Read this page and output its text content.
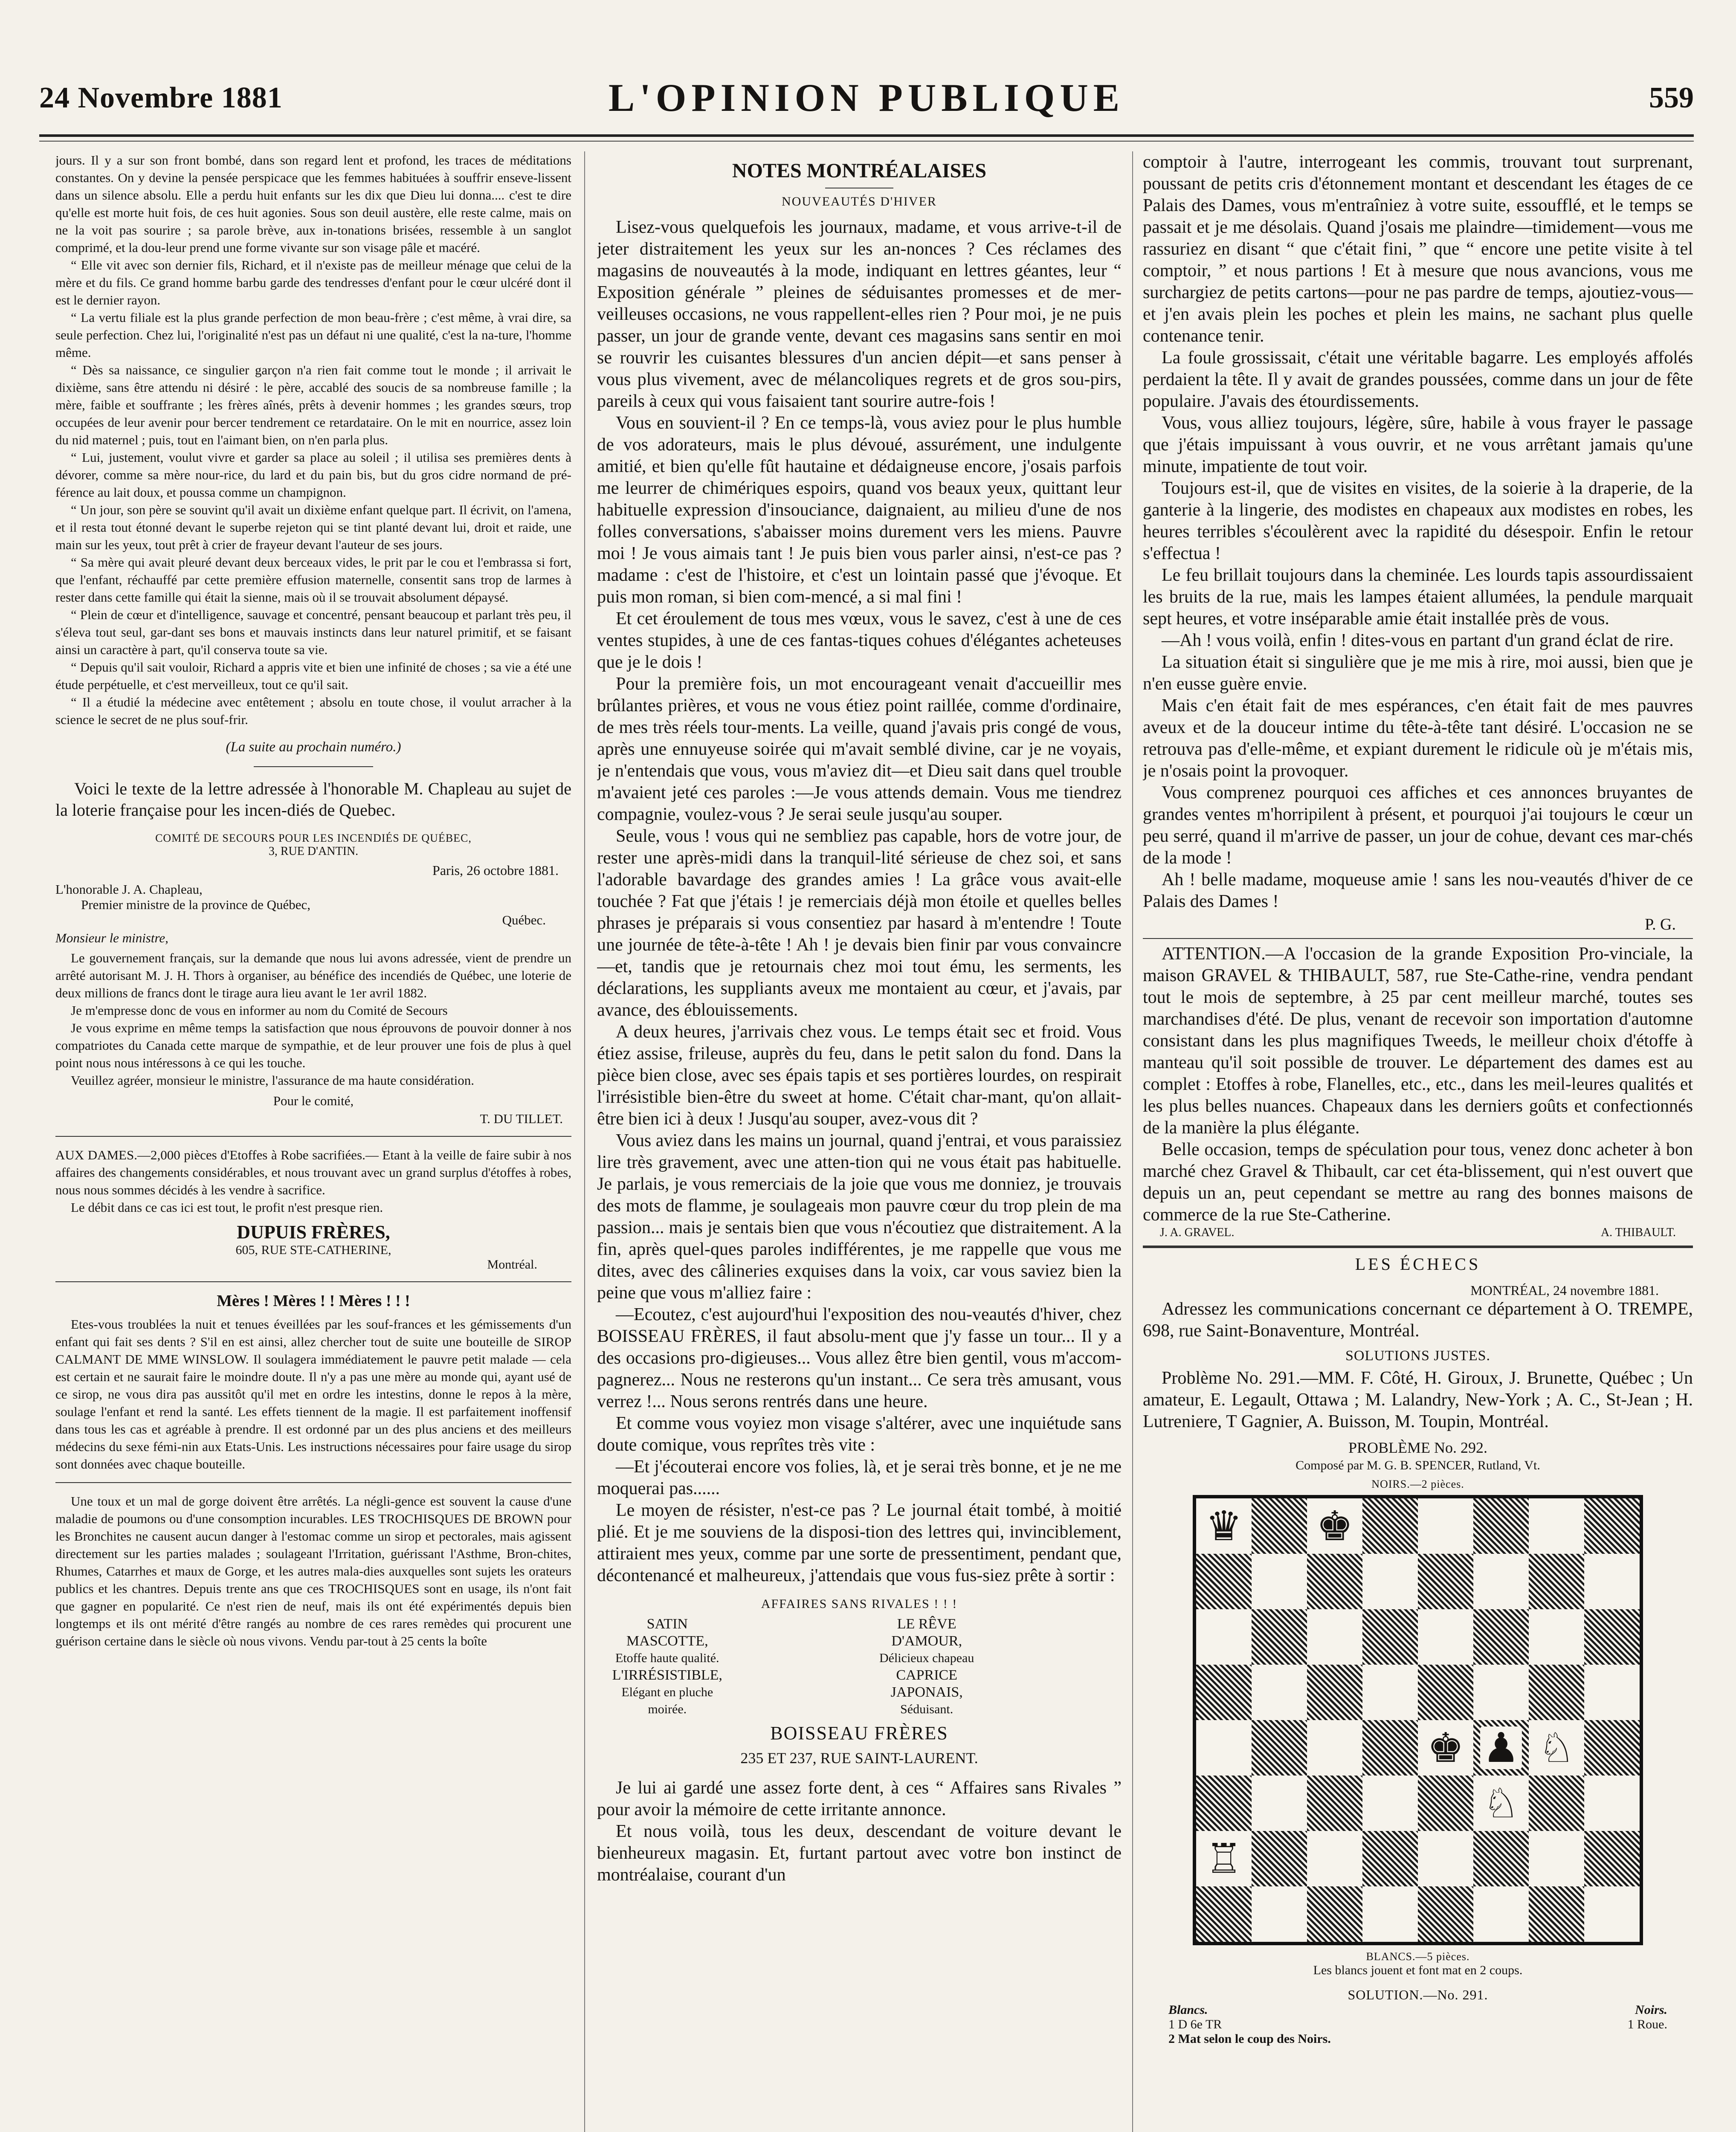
24 Novembre 1881	L'OPINION PUBLIQUE	559

jours. Il y a sur son front bombé, dans son regard lent et profond, les traces de méditations constantes. On y devine la pensée perspicace que les femmes habituées à souffrir enseve-lissent dans un silence absolu. Elle a perdu huit enfants sur les dix que Dieu lui donna.... c'est te dire qu'elle est morte huit fois, de ces huit agonies. Sous son deuil austère, elle reste calme, mais on ne la voit pas sourire ; sa parole brève, aux in-tonations brisées, ressemble à un sanglot comprimé, et la dou-leur prend une forme vivante sur son visage pâle et macéré.

“ Elle vit avec son dernier fils, Richard, et il n'existe pas de meilleur ménage que celui de la mère et du fils. Ce grand homme barbu garde des tendresses d'enfant pour le cœur ulcéré dont il est le dernier rayon.

“ La vertu filiale est la plus grande perfection de mon beau-frère ; c'est même, à vrai dire, sa seule perfection. Chez lui, l'originalité n'est pas un défaut ni une qualité, c'est la na-ture, l'homme même.

“ Dès sa naissance, ce singulier garçon n'a rien fait comme tout le monde ; il arrivait le dixième, sans être attendu ni désiré : le père, accablé des soucis de sa nombreuse famille ; la mère, faible et souffrante ; les frères aînés, prêts à devenir hommes ; les grandes sœurs, trop occupées de leur avenir pour bercer tendrement ce retardataire. On le mit en nourrice, assez loin du nid maternel ; puis, tout en l'aimant bien, on n'en parla plus.

“ Lui, justement, voulut vivre et garder sa place au soleil ; il utilisa ses premières dents à dévorer, comme sa mère nour-rice, du lard et du pain bis, but du gros cidre normand de pré-férence au lait doux, et poussa comme un champignon.

“ Un jour, son père se souvint qu'il avait un dixième enfant quelque part. Il écrivit, on l'amena, et il resta tout étonné devant le superbe rejeton qui se tint planté devant lui, droit et raide, une main sur les yeux, tout prêt à crier de frayeur devant l'auteur de ses jours.

“ Sa mère qui avait pleuré devant deux berceaux vides, le prit par le cou et l'embrassa si fort, que l'enfant, réchauffé par cette première effusion maternelle, consentit sans trop de larmes à rester dans cette famille qui était la sienne, mais où il se trouvait absolument dépaysé.

“ Plein de cœur et d'intelligence, sauvage et concentré, pensant beaucoup et parlant très peu, il s'éleva tout seul, gar-dant ses bons et mauvais instincts dans leur naturel primitif, et se faisant ainsi un caractère à part, qu'il conserva toute sa vie.

“ Depuis qu'il sait vouloir, Richard a appris vite et bien une infinité de choses ; sa vie a été une étude perpétuelle, et c'est merveilleux, tout ce qu'il sait.

“ Il a étudié la médecine avec entêtement ; absolu en toute chose, il voulut arracher à la science le secret de ne plus souf-frir.

(La suite au prochain numéro.)
Voici le texte de la lettre adressée à l'honorable M. Chapleau au sujet de la loterie française pour les incen-diés de Quebec.
COMITÉ DE SECOURS POUR LES INCENDIÉS DE QUÉBEC,
3, RUE D'ANTIN.
Paris, 26 octobre 1881.
L'honorable J. A. Chapleau,
Premier ministre de la province de Québec,
Québec.
Monsieur le ministre,

Le gouvernement français, sur la demande que nous lui avons adressée, vient de prendre un arrêté autorisant M. J. H. Thors à organiser, au bénéfice des incendiés de Québec, une loterie de deux millions de francs dont le tirage aura lieu avant le 1er avril 1882.

Je m'empresse donc de vous en informer au nom du Comité de Secours

Je vous exprime en même temps la satisfaction que nous éprouvons de pouvoir donner à nos compatriotes du Canada cette marque de sympathie, et de leur prouver une fois de plus à quel point nous nous intéressons à ce qui les touche.

Veuillez agréer, monsieur le ministre, l'assurance de ma haute considération.

Pour le comité,
T. DU TILLET.

AUX DAMES.—2,000 pièces d'Etoffes à Robe sacrifiées.— Etant à la veille de faire subir à nos affaires des changements considérables, et nous trouvant avec un grand surplus d'étoffes à robes, nous nous sommes décidés à les vendre à sacrifice.

Le débit dans ce cas ici est tout, le profit n'est presque rien.

DUPUIS FRÈRES,
605, RUE STE-CATHERINE,
Montréal.
Mères ! Mères ! ! Mères ! ! !

Etes-vous troublées la nuit et tenues éveillées par les souf-frances et les gémissements d'un enfant qui fait ses dents ? S'il en est ainsi, allez chercher tout de suite une bouteille de SIROP CALMANT DE MME WINSLOW. Il soulagera immédiatement le pauvre petit malade — cela est certain et ne saurait faire le moindre doute. Il n'y a pas une mère au monde qui, ayant usé de ce sirop, ne vous dira pas aussitôt qu'il met en ordre les intestins, donne le repos à la mère, soulage l'enfant et rend la santé. Les effets tiennent de la magie. Il est parfaitement inoffensif dans tous les cas et agréable à prendre. Il est ordonné par un des plus anciens et des meilleurs médecins du sexe fémi-nin aux Etats-Unis. Les instructions nécessaires pour faire usage du sirop sont données avec chaque bouteille.

Une toux et un mal de gorge doivent être arrêtés. La négli-gence est souvent la cause d'une maladie de poumons ou d'une consomption incurables. LES TROCHISQUES DE BROWN pour les Bronchites ne causent aucun danger à l'estomac comme un sirop et pectorales, mais agissent directement sur les parties malades ; soulageant l'Irritation, guérissant l'Asthme, Bron-chites, Rhumes, Catarrhes et maux de Gorge, et les autres mala-dies auxquelles sont sujets les orateurs publics et les chantres. Depuis trente ans que ces TROCHISQUES sont en usage, ils n'ont fait que gagner en popularité. Ce n'est rien de neuf, mais ils ont été expérimentés depuis bien longtemps et ils ont mérité d'être rangés au nombre de ces rares remèdes qui procurent une guérison certaine dans le siècle où nous vivons. Vendu par-tout à 25 cents la boîte

NOTES MONTRÉALAISES
NOUVEAUTÉS D'HIVER

Lisez-vous quelquefois les journaux, madame, et vous arrive-t-il de jeter distraitement les yeux sur les an-nonces ? Ces réclames des magasins de nouveautés à la mode, indiquant en lettres géantes, leur “ Exposition générale ” pleines de séduisantes promesses et de mer-veilleuses occasions, ne vous rappellent-elles rien ? Pour moi, je ne puis passer, un jour de grande vente, devant ces magasins sans sentir en moi se rouvrir les cuisantes blessures d'un ancien dépit—et sans penser à vous plus vivement, avec de mélancoliques regrets et de gros sou-pirs, pareils à ceux qui vous faisaient tant sourire autre-fois !

Vous en souvient-il ? En ce temps-là, vous aviez pour le plus humble de vos adorateurs, mais le plus dévoué, assurément, une indulgente amitié, et bien qu'elle fût hautaine et dédaigneuse encore, j'osais parfois me leurrer de chimériques espoirs, quand vos beaux yeux, quittant leur habituelle expression d'insouciance, daignaient, au milieu d'une de nos folles conversations, s'abaisser moins durement vers les miens. Pauvre moi ! Je vous aimais tant ! Je puis bien vous parler ainsi, n'est-ce pas ? madame : c'est de l'histoire, et c'est un lointain passé que j'évoque. Et puis mon roman, si bien com-mencé, a si mal fini !

Et cet éroulement de tous mes vœux, vous le savez, c'est à une de ces ventes stupides, à une de ces fantas-tiques cohues d'élégantes acheteuses que je le dois !

Pour la première fois, un mot encourageant venait d'accueillir mes brûlantes prières, et vous ne vous étiez point raillée, comme d'ordinaire, de mes très réels tour-ments. La veille, quand j'avais pris congé de vous, après une ennuyeuse soirée qui m'avait semblé divine, car je ne voyais, je n'entendais que vous, vous m'aviez dit—et Dieu sait dans quel trouble m'avaient jeté ces paroles :—Je vous attends demain. Vous me tiendrez compagnie, voulez-vous ? Je serai seule jusqu'au souper.

Seule, vous ! vous qui ne sembliez pas capable, hors de votre jour, de rester une après-midi dans la tranquil-lité sérieuse de chez soi, et sans l'adorable bavardage des grandes amies ! La grâce vous avait-elle touchée ? Fat que j'étais ! je remerciais déjà mon étoile et quelles belles phrases je préparais si vous consentiez par hasard à m'entendre ! Toute une journée de tête-à-tête ! Ah ! je devais bien finir par vous convaincre—et, tandis que je retournais chez moi tout ému, les serments, les déclarations, les suppliants aveux me montaient au cœur, et j'avais, par avance, des éblouissements.

A deux heures, j'arrivais chez vous. Le temps était sec et froid. Vous étiez assise, frileuse, auprès du feu, dans le petit salon du fond. Dans la pièce bien close, avec ses épais tapis et ses portières lourdes, on respirait l'irrésistible bien-être du sweet at home. C'était char-mant, qu'on allait-être bien ici à deux ! Jusqu'au souper, avez-vous dit ?

Vous aviez dans les mains un journal, quand j'entrai, et vous paraissiez lire très gravement, avec une atten-tion qui ne vous était pas habituelle. Je parlais, je vous remerciais de la joie que vous me donniez, je trouvais des mots de flamme, je soulageais mon pauvre cœur du trop plein de ma passion... mais je sentais bien que vous n'écoutiez que distraitement. A la fin, après quel-ques paroles indifférentes, je me rappelle que vous me dites, avec des câlineries exquises dans la voix, car vous saviez bien la peine que vous m'alliez faire :

—Ecoutez, c'est aujourd'hui l'exposition des nou-veautés d'hiver, chez BOISSEAU FRÈRES, il faut absolu-ment que j'y fasse un tour... Il y a des occasions pro-digieuses... Vous allez être bien gentil, vous m'accom-pagnerez... Nous ne resterons qu'un instant... Ce sera très amusant, vous verrez !... Nous serons rentrés dans une heure.

Et comme vous voyiez mon visage s'altérer, avec une inquiétude sans doute comique, vous reprîtes très vite :

—Et j'écouterai encore vos folies, là, et je serai très bonne, et je ne me moquerai pas......

Le moyen de résister, n'est-ce pas ? Le journal était tombé, à moitié plié. Et je me souviens de la disposi-tion des lettres qui, invinciblement, attiraient mes yeux, comme par une sorte de pressentiment, pendant que, décontenancé et malheureux, j'attendais que vous fus-siez prête à sortir :

AFFAIRES SANS RIVALES ! ! !
SATIN MASCOTTE,
Etoffe haute qualité.
L'IRRÉSISTIBLE,
Elégant en pluche moirée.
LE RÊVE D'AMOUR,
Délicieux chapeau
CAPRICE JAPONAIS,
Séduisant.
BOISSEAU FRÈRES
235 ET 237, RUE SAINT-LAURENT.

Je lui ai gardé une assez forte dent, à ces “ Affaires sans Rivales ” pour avoir la mémoire de cette irritante annonce.

Et nous voilà, tous les deux, descendant de voiture devant le bienheureux magasin. Et, furtant partout avec votre bon instinct de montréalaise, courant d'un

comptoir à l'autre, interrogeant les commis, trouvant tout surprenant, poussant de petits cris d'étonnement montant et descendant les étages de ce Palais des Dames, vous m'entraîniez à votre suite, essoufflé, et le temps se passait et je me désolais. Quand j'osais me plaindre—timidement—vous me rassuriez en disant “ que c'était fini, ” que “ encore une petite visite à tel comptoir, ” et nous partions ! Et à mesure que nous avancions, vous me surchargiez de petits cartons—pour ne pas pardre de temps, ajoutiez-vous—et j'en avais plein les poches et plein les mains, ne sachant plus quelle contenance tenir.

La foule grossissait, c'était une véritable bagarre. Les employés affolés perdaient la tête. Il y avait de grandes poussées, comme dans un jour de fête populaire. J'avais des étourdissements.

Vous, vous alliez toujours, légère, sûre, habile à vous frayer le passage que j'étais impuissant à vous ouvrir, et ne vous arrêtant jamais qu'une minute, impatiente de tout voir.

Toujours est-il, que de visites en visites, de la soierie à la draperie, de la ganterie à la lingerie, des modistes en chapeaux aux modistes en robes, les heures terribles s'écoulèrent avec la rapidité du désespoir. Enfin le retour s'effectua !

Le feu brillait toujours dans la cheminée. Les lourds tapis assourdissaient les bruits de la rue, mais les lampes étaient allumées, la pendule marquait sept heures, et votre inséparable amie était installée près de vous.

—Ah ! vous voilà, enfin ! dites-vous en partant d'un grand éclat de rire.

La situation était si singulière que je me mis à rire, moi aussi, bien que je n'en eusse guère envie.

Mais c'en était fait de mes espérances, c'en était fait de mes pauvres aveux et de la douceur intime du tête-à-tête tant désiré. L'occasion ne se retrouva pas d'elle-même, et expiant durement le ridicule où je m'étais mis, je n'osais point la provoquer.

Vous comprenez pourquoi ces affiches et ces annonces bruyantes de grandes ventes m'horripilent à présent, et pourquoi j'ai toujours le cœur un peu serré, quand il m'arrive de passer, un jour de cohue, devant ces mar-chés de la mode !

Ah ! belle madame, moqueuse amie ! sans les nou-veautés d'hiver de ce Palais des Dames !

P. G.

ATTENTION.—A l'occasion de la grande Exposition Pro-vinciale, la maison GRAVEL & THIBAULT, 587, rue Ste-Cathe-rine, vendra pendant tout le mois de septembre, à 25 par cent meilleur marché, toutes ses marchandises d'été. De plus, venant de recevoir son importation d'automne consistant dans les plus magnifiques Tweeds, le meilleur choix d'étoffe à manteau qu'il soit possible de trouver. Le département des dames est au complet : Etoffes à robe, Flanelles, etc., etc., dans les meil-leures qualités et les plus belles nuances. Chapeaux dans les derniers goûts et confectionnés de la manière la plus élégante.

Belle occasion, temps de spéculation pour tous, venez donc acheter à bon marché chez Gravel & Thibault, car cet éta-blissement, qui n'est ouvert que depuis un an, peut cependant se mettre au rang des bonnes maisons de commerce de la rue Ste-Catherine.

J. A. GRAVEL.	A. THIBAULT.
LES ÉCHECS
MONTRÉAL, 24 novembre 1881.

Adressez les communications concernant ce département à O. TREMPE, 698, rue Saint-Bonaventure, Montréal.

SOLUTIONS JUSTES.

Problème No. 291.—MM. F. Côté, H. Giroux, J. Brunette, Québec ; Un amateur, E. Legault, Ottawa ; M. Lalandry, New-York ; A. C., St-Jean ; H. Lutreniere, T Gagnier, A. Buisson, M. Toupin, Montréal.

PROBLÈME No. 292.
Composé par M. G. B. SPENCER, Rutland, Vt.
NOIRS.—2 pièces.
♛ ♚
♚ ♟ ♘
♘
♖
BLANCS.—5 pièces.
Les blancs jouent et font mat en 2 coups.
SOLUTION.—No. 291.
Blancs.	Noirs.
1 D 6e TR	1 Roue.
2 Mat selon le coup des Noirs.
